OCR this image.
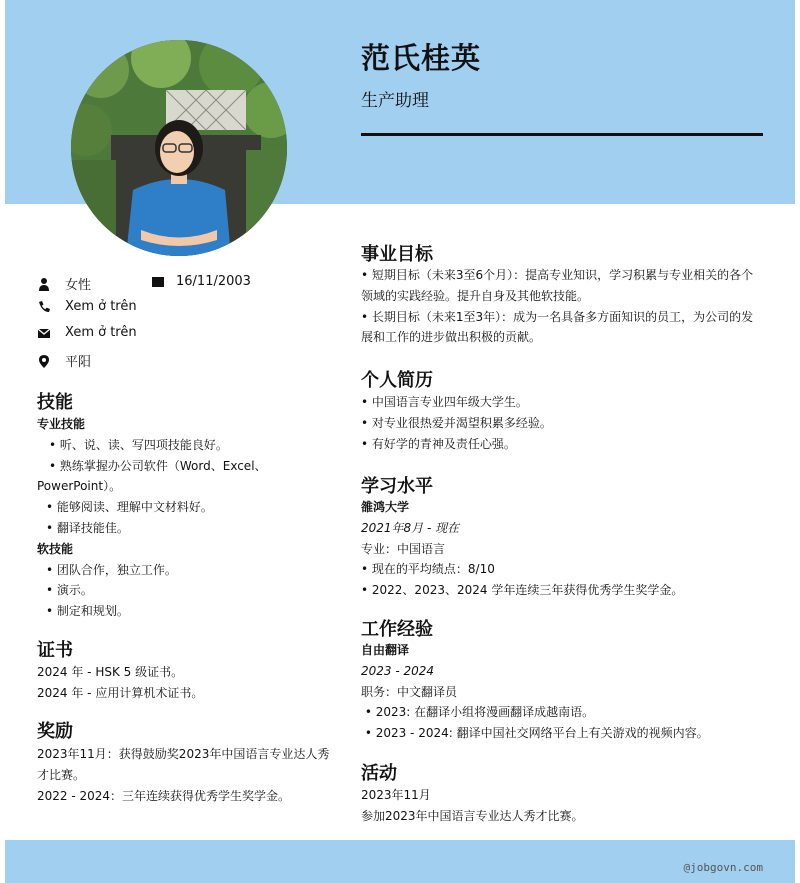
范氏桂英

生产助理

女性	16/11/2003
Xem ở trên
Xem ở trên
平阳
技能

专业技能

• 听、说、读、写四项技能良好。

• 熟练掌握办公司软件（Word、Excel、

PowerPoint）。

• 能够阅读、理解中文材料好。

• 翻译技能佳。

软技能

• 团队合作，独立工作。

• 演示。

• 制定和规划。

证书

2024 年 - HSK 5 级证书。

2024 年 - 应用计算机术证书。

奖励

2023年11月：获得鼓励奖2023年中国语言专业达人秀

才比赛。

2022 - 2024：三年连续获得优秀学生奖学金。

事业目标

• 短期目标（未来3至6个月）：提高专业知识，学习积累与专业相关的各个

领域的实践经验。提升自身及其他软技能。

• 长期目标（未来1至3年）：成为一名具备多方面知识的员工，为公司的发

展和工作的进步做出积极的贡献。

个人简历

• 中国语言专业四年级大学生。

• 对专业很热爱并渴望积累多经验。

• 有好学的青神及责任心强。

学习水平

雒鸿大学

2021年8月 - 现在

专业：中国语言

• 现在的平均绩点：8/10

• 2022、2023、2024 学年连续三年获得优秀学生奖学金。

工作经验

自由翻译

2023 - 2024

职务：中文翻译员

• 2023: 在翻译小组将漫画翻译成越南语。

• 2023 - 2024: 翻译中国社交网络平台上有关游戏的视频内容。

活动

2023年11月

参加2023年中国语言专业达人秀才比赛。

@jobgovn.com
